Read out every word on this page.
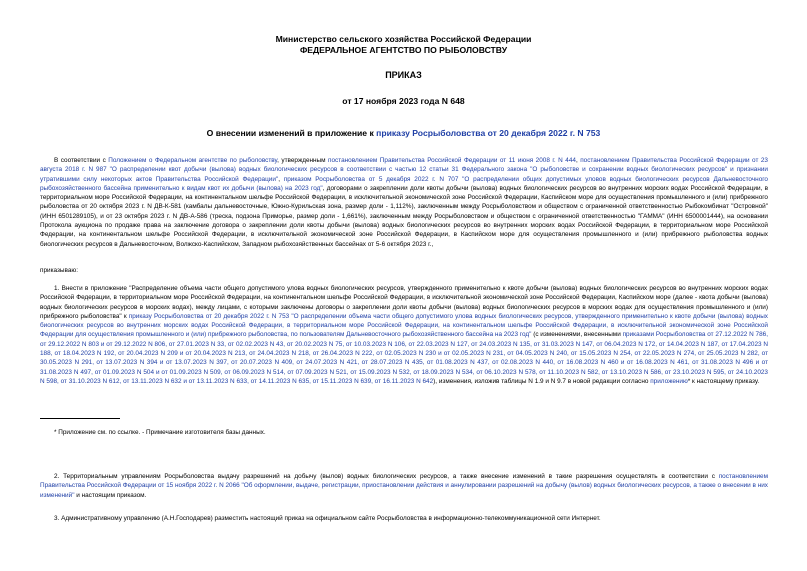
Министерство сельского хозяйства Российской Федерации
ФЕДЕРАЛЬНОЕ АГЕНТСТВО ПО РЫБОЛОВСТВУ
ПРИКАЗ
от 17 ноября 2023 года N 648
О внесении изменений в приложение к приказу Росрыболовства от 20 декабря 2022 г. N 753
В соответствии с Положением о Федеральном агентстве по рыболовству, утвержденным постановлением Правительства Российской Федерации от 11 июня 2008 г. N 444, постановлением Правительства Российской Федерации от 23 августа 2018 г. N 987 "О распределении квот добычи (вылова) водных биологических ресурсов в соответствии с частью 12 статьи 31 Федерального закона "О рыболовстве и сохранении водных биологических ресурсов" и признании утратившими силу некоторых актов Правительства Российской Федерации", приказом Росрыболовства от 5 декабря 2022 г. N 707 "О распределении общих допустимых уловов водных биологических ресурсов Дальневосточного рыбохозяйственного бассейна применительно к видам квот их добычи (вылова) на 2023 год", договорами о закреплении доли квоты добычи (вылова) водных биологических ресурсов во внутренних морских водах Российской Федерации, в территориальном море Российской Федерации, на континентальном шельфе Российской Федерации, в исключительной экономической зоне Российской Федерации, Каспийском море для осуществления промышленного и (или) прибрежного рыболовства от 20 октября 2023 г. N ДВ-К-581 (камбалы дальневосточные, Южно-Курильская зона, размер доли - 1,112%), заключенным между Росрыболовством и обществом с ограниченной ответственностью Рыбокомбинат "Островной" (ИНН 6501289105), и от 23 октября 2023 г. N ДВ-А-586 (треска, подзона Приморье, размер доли - 1,661%), заключенным между Росрыболовством и обществом с ограниченной ответственностью "ГАММА" (ИНН 6500001444), на основании Протокола аукциона по продаже права на заключение договора о закреплении доли квоты добычи (вылова) водных биологических ресурсов во внутренних морских водах Российской Федерации, в территориальном море Российской Федерации, на континентальном шельфе Российской Федерации, в исключительной экономической зоне Российской Федерации, в Каспийском море для осуществления промышленного и (или) прибрежного рыболовства водных биологических ресурсов в Дальневосточном, Волжско-Каспийском, Западном рыбохозяйственных бассейнах от 5-6 октября 2023 г.,
приказываю:
1. Внести в приложение "Распределение объема части общего допустимого улова водных биологических ресурсов, утвержденного применительно к квоте добычи (вылова) водных биологических ресурсов во внутренних морских водах Российской Федерации, в территориальном море Российской Федерации, на континентальном шельфе Российской Федерации, в исключительной экономической зоне Российской Федерации, Каспийском море (далее - квота добычи (вылова) водных биологических ресурсов в морских водах), между лицами, с которыми заключены договоры о закреплении доли квоты добычи (вылова) водных биологических ресурсов в морских водах для осуществления промышленного и (или) прибрежного рыболовства" к приказу Росрыболовства от 20 декабря 2022 г. N 753 "О распределении объема части общего допустимого улова водных биологических ресурсов, утвержденного применительно к квоте добычи (вылова) водных биологических ресурсов во внутренних морских водах Российской Федерации, в территориальном море Российской Федерации, на континентальном шельфе Российской Федерации, в исключительной экономической зоне Российской Федерации для осуществления промышленного и (или) прибрежного рыболовства, по пользователям Дальневосточного рыбохозяйственного бассейна на 2023 год" (с изменениями, внесенными приказами Росрыболовства от 27.12.2022 N 786, от 29.12.2022 N 803 и от 29.12.2022 N 806, от 27.01.2023 N 33, от 02.02.2023 N 43, от 20.02.2023 N 75, от 10.03.2023 N 106, от 22.03.2023 N 127, от 24.03.2023 N 135, от 31.03.2023 N 147, от 06.04.2023 N 172, от 14.04.2023 N 187, от 17.04.2023 N 188, от 18.04.2023 N 192, от 20.04.2023 N 209 и от 20.04.2023 N 213, от 24.04.2023 N 218, от 26.04.2023 N 222, от 02.05.2023 N 230 и от 02.05.2023 N 231, от 04.05.2023 N 240, от 15.05.2023 N 254, от 22.05.2023 N 274, от 25.05.2023 N 282, от 30.05.2023 N 291, от 13.07.2023 N 394 и от 13.07.2023 N 397, от 20.07.2023 N 409, от 24.07.2023 N 421, от 28.07.2023 N 435, от 01.08.2023 N 437, от 02.08.2023 N 440, от 16.08.2023 N 460 и от 16.08.2023 N 461, от 31.08.2023 N 496 и от 31.08.2023 N 497, от 01.09.2023 N 504 и от 01.09.2023 N 509, от 06.09.2023 N 514, от 07.09.2023 N 521, от 15.09.2023 N 532, от 18.09.2023 N 534, от 06.10.2023 N 578, от 11.10.2023 N 582, от 13.10.2023 N 586, от 23.10.2023 N 595, от 24.10.2023 N 598, от 31.10.2023 N 612, от 13.11.2023 N 632 и от 13.11.2023 N 633, от 14.11.2023 N 635, от 15.11.2023 N 639, от 16.11.2023 N 642), изменения, изложив таблицы N 1.9 и N 9.7 в новой редакции согласно приложению* к настоящему приказу.
* Приложение см. по ссылке. - Примечание изготовителя базы данных.
2. Территориальным управлениям Росрыболовства выдачу разрешений на добычу (вылов) водных биологических ресурсов, а также внесение изменений в такие разрешения осуществлять в соответствии с постановлением Правительства Российской Федерации от 15 ноября 2022 г. N 2066 "Об оформлении, выдаче, регистрации, приостановлении действия и аннулировании разрешений на добычу (вылов) водных биологических ресурсов, а также о внесении в них изменений" и настоящим приказом.
3. Административному управлению (А.Н.Господарев) разместить настоящий приказ на официальном сайте Росрыболовства в информационно-телекоммуникационной сети Интернет.
